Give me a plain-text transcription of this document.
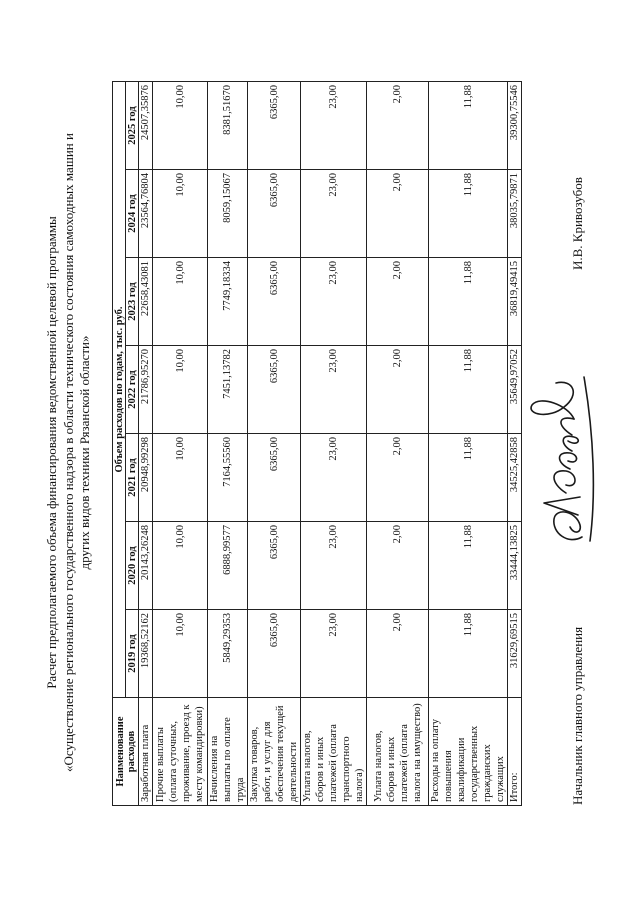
Расчет предполагаемого объема финансирования ведомственной целевой программы «Осуществление регионального государственного надзора в области технического состояния самоходных машин и других видов техники Рязанской области»
Наименование расходов	Объем расходов по годам, тыс. руб.						
	2019 год	2020 год	2021 год	2022 год	2023 год	2024 год	2025 год
Заработная плата	19368,52162	20143,26248	20948,99298	21786,95270	22658,43081	23564,76804	24507,35876
Прочие выплаты (оплата суточных, проживание, проезд к месту командировки)	10,00	10,00	10,00	10,00	10,00	10,00	10,00
Начисления на выплаты по оплате труда	5849,29353	6888,99577	7164,55560	7451,13782	7749,18334	8059,15067	8381,51670
Закупка товаров, работ, и услуг для обеспечения текущей деятельности	6365,00	6365,00	6365,00	6365,00	6365,00	6365,00	6365,00
Уплата налогов, сборов и иных платежей (оплата транспортного налога)	23,00	23,00	23,00	23,00	23,00	23,00	23,00
Уплата налогов, сборов и иных платежей (оплата налога на имущество)	2,00	2,00	2,00	2,00	2,00	2,00	2,00
Расходы на оплату повышения квалификации государственных гражданских служащих	11,88	11,88	11,88	11,88	11,88	11,88	11,88
Итого:	31629,69515	33444,13825	34525,42858	35649,97052	36819,49415	38035,79871	39300,75546
Начальник главного управления
И.В. Кривозубов
